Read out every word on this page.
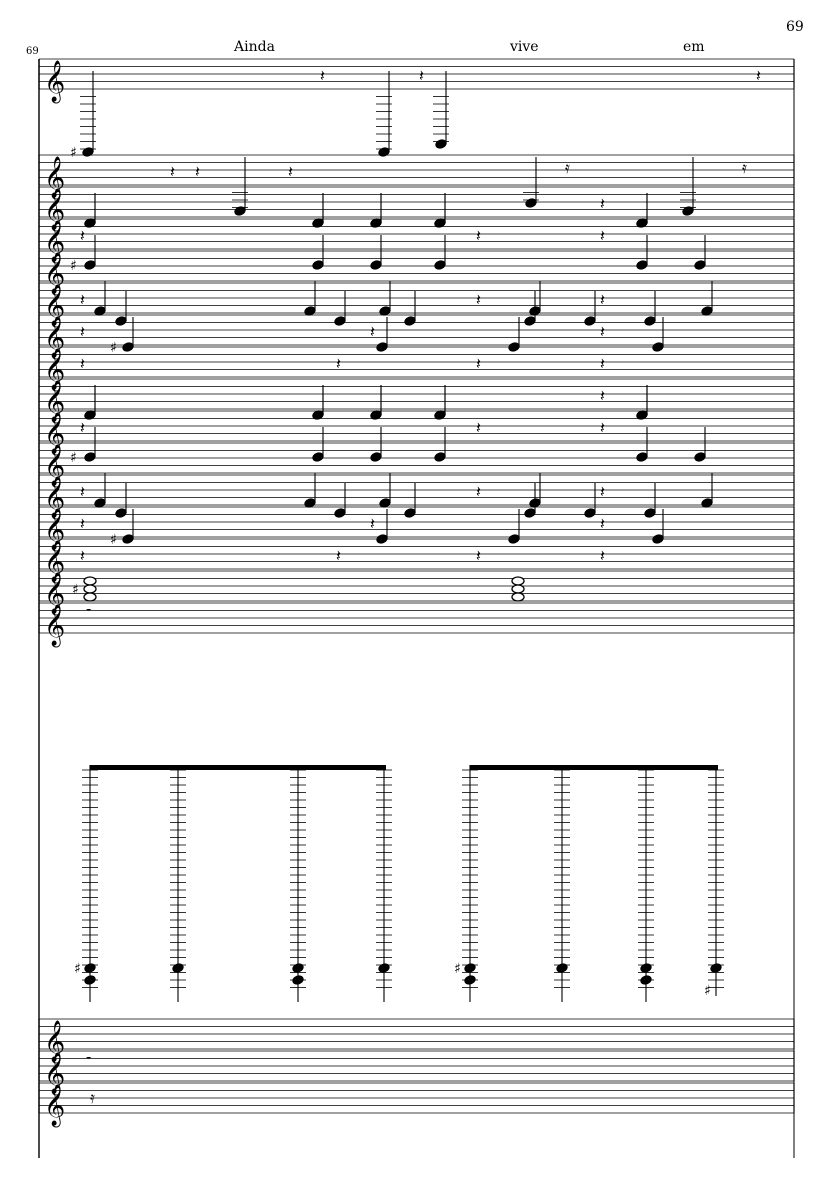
69
69	Ainda	vive	em
𝄞
𝄞
𝄞
𝄞
𝄞
𝄞
𝄞
𝄞
𝄞
𝄞
𝄞
𝄞
𝄞
𝄞
𝄞
𝄞
𝄞
𝄞
𝄞
♯
𝄽	𝄽	𝄽
𝄽 𝄽	𝄽	𝄿	𝄿
𝄽
𝄽	𝄽	𝄽
♯
𝄽	𝄽	𝄽
𝄽	𝄽	𝄽
𝄽	𝄽	𝄽	𝄽
♯
𝄽
𝄽	𝄽	𝄽
♯
𝄽	𝄽	𝄽
𝄽	𝄽	𝄽
𝄽	𝄽	𝄽	𝄽
♯
♯
𝄻
♯	♯
♯
𝄻
𝄿
